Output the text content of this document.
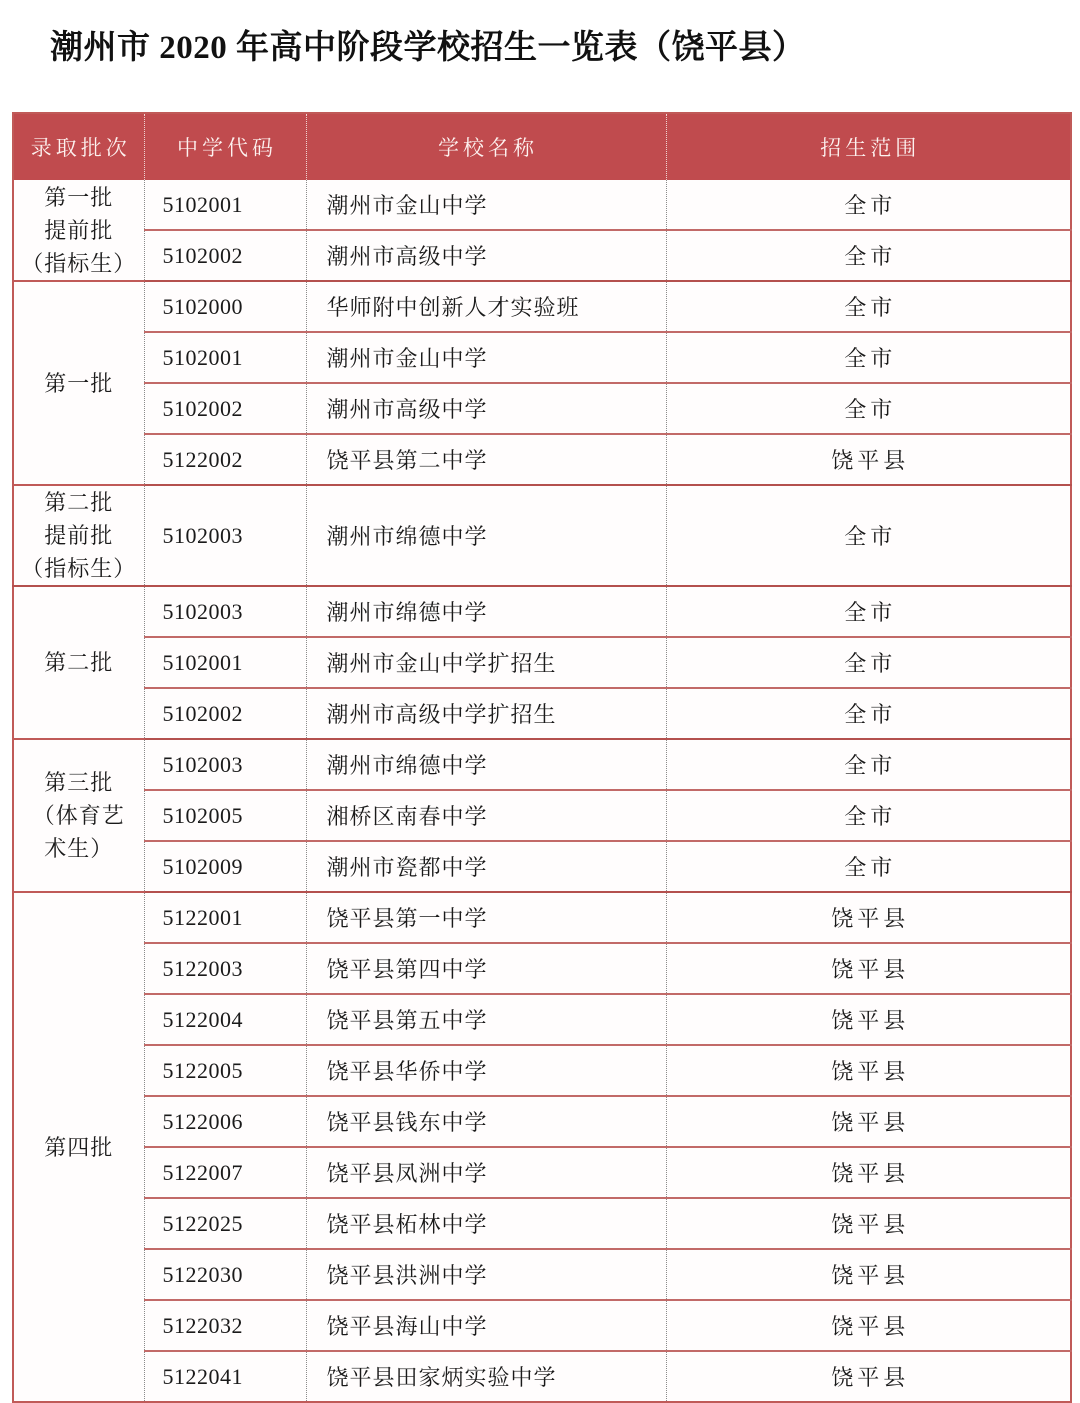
潮州市 2020 年高中阶段学校招生一览表（饶平县）
录取批次	中学代码	学校名称	招生范围

第一批
提前批
（指标生）	5102001	潮州市金山中学	全市
	5102002	潮州市高级中学	全市

第一批	5102000	华师附中创新人才实验班	全市
	5102001	潮州市金山中学	全市
	5102002	潮州市高级中学	全市
	5122002	饶平县第二中学	饶平县

第二批
提前批
（指标生）	5102003	潮州市绵德中学	全市

第二批	5102003	潮州市绵德中学	全市
	5102001	潮州市金山中学扩招生	全市
	5102002	潮州市高级中学扩招生	全市

第三批
（体育艺
术生）	5102003	潮州市绵德中学	全市
	5102005	湘桥区南春中学	全市
	5102009	潮州市瓷都中学	全市

第四批	5122001	饶平县第一中学	饶平县
	5122003	饶平县第四中学	饶平县
	5122004	饶平县第五中学	饶平县
	5122005	饶平县华侨中学	饶平县
	5122006	饶平县钱东中学	饶平县
	5122007	饶平县凤洲中学	饶平县
	5122025	饶平县柘林中学	饶平县
	5122030	饶平县洪洲中学	饶平县
	5122032	饶平县海山中学	饶平县
	5122041	饶平县田家炳实验中学	饶平县
